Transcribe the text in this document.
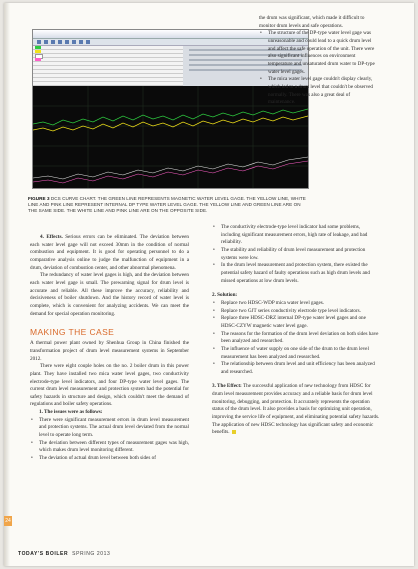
FIGURE 3 DCS CURVE CHART. THE GREEN LINE REPRESENTS MAGNETIC WATER LEVEL GAGE. THE YELLOW LINE, WHITE LINE AND PINK LINE REPRESENT INTERNAL DP TYPE WATER LEVEL GAGE. THE YELLOW LINE AND GREEN LINE ARE ON THE SAME SIDE. THE WHITE LINE AND PINK LINE ARE ON THE OPPOSITE SIDE.

the drum was significant, which made it difficult to monitor drum levels and safe operations.

• The structure of the DP-type water level gage was unreasonable and could lead to a quick drum level and affect the safe operation of the unit. There were also significant influences on environment temperature and unsaturated drum water to DP-type water level gages.
• The mica water level gage couldn't display clearly, which led to a drum level that couldn't be observed normally. There was also a great deal of maintenance.
• The conductivity electrode-type level indicator had some problems, including significant measurement errors, high rate of leakage, and bad reliability.
• The stability and reliability of drum level measurement and protection systems were low.
• In the drum level measurement and protection system, there existed the potential safety hazard of faulty operations such as high drum levels and missed operations at low drum levels.

2. Solution:

• Replace two HDSC-WDP mica water level gages.
• Replace two GJT series conductivity electrode type level indicators.
• Replace three HDSC-DRZ internal DP-type water level gages and one HDSC-CZYW magnetic water level gage.
• The reasons for the formation of the drum level deviation on both sides have been analyzed and researched.
• The influence of water supply on one side of the drum to the drum level measurement has been analyzed and researched.
• The relationship between drum level and unit efficiency has been analyzed and researched.

3. The Effect: The successful application of new technology from HDSC for drum level measurement provides accuracy and a reliable basis for drum level monitoring, debugging, and protection. It accurately represents the operation status of the drum level. It also provides a basis for optimizing unit operation, improving the service life of equipment, and eliminating potential safety hazards. The application of new HDSC technology has significant safety and economic benefits.

4. Effects. Serious errors can be eliminated. The deviation between each water level gage will not exceed 30mm in the condition of normal combustion and equipment. It is good for operating personnel to do a comparative analysis online to judge the malfunction of equipment in a drum, deviation of combustion center, and other abnormal phenomena.

The redundancy of water level gages is high, and the deviation between each water level gage is small. The prewarning signal for drum level is accurate and reliable. All these improve the accuracy, reliability and decisiveness of boiler shutdown. And the history record of water level is complete, which is convenient for analyzing accidents. We can meet the demand for special operation monitoring.

MAKING THE CASE

A thermal power plant owned by Shenhua Group in China finished the transformation project of drum level measurement systems in September 2012.

There were eight couple holes on the no. 2 boiler drum in this power plant. They have installed two mica water level gages, two conductivity electrode-type level indicators, and four DP-type water level gages. The current drum level measurement and protection system had the potential for safety hazards in structure and design, which couldn't meet the demand of regulations and boiler safety operations.

1. The issues were as follows:

• There were significant measurement errors in drum level measurement and protection systems. The actual drum level deviated from the normal level to operate long term.
• The deviation between different types of measurement gages was high, which makes drum level monitoring different.
• The deviation of actual drum level between both sides of
24
TODAY'S BOILER SPRING 2013
